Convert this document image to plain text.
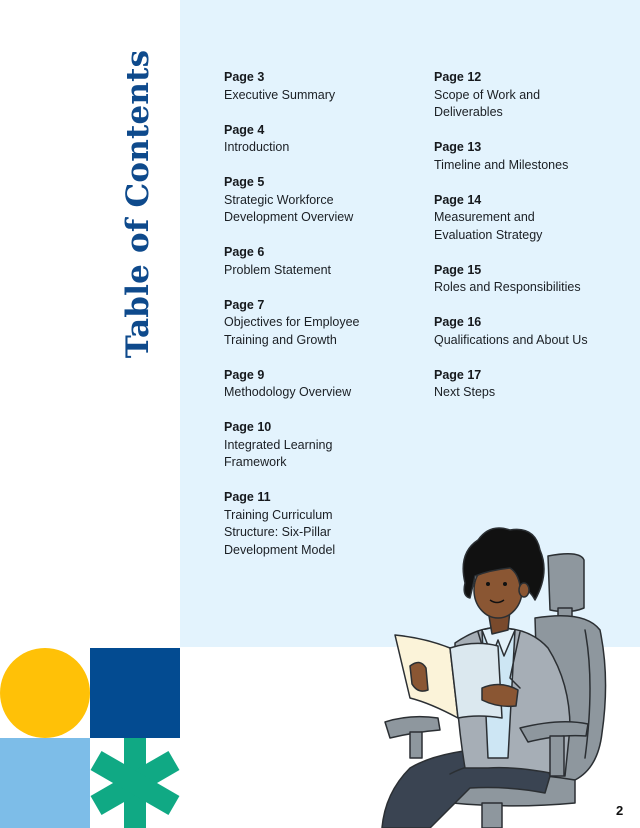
Table of Contents	Page 3
Executive Summary
Page 4
Introduction
Page 5
Strategic Workforce Development Overview
Page 6
Problem Statement
Page 7
Objectives for Employee Training and Growth
Page 9
Methodology Overview
Page 10
Integrated Learning Framework
Page 11
Training Curriculum Structure: Six-Pillar Development Model
Page 12
Scope of Work and Deliverables
Page 13
Timeline and Milestones
Page 14
Measurement and Evaluation Strategy
Page 15
Roles and Responsibilities
Page 16
Qualifications and About Us
Page 17
Next Steps
2
